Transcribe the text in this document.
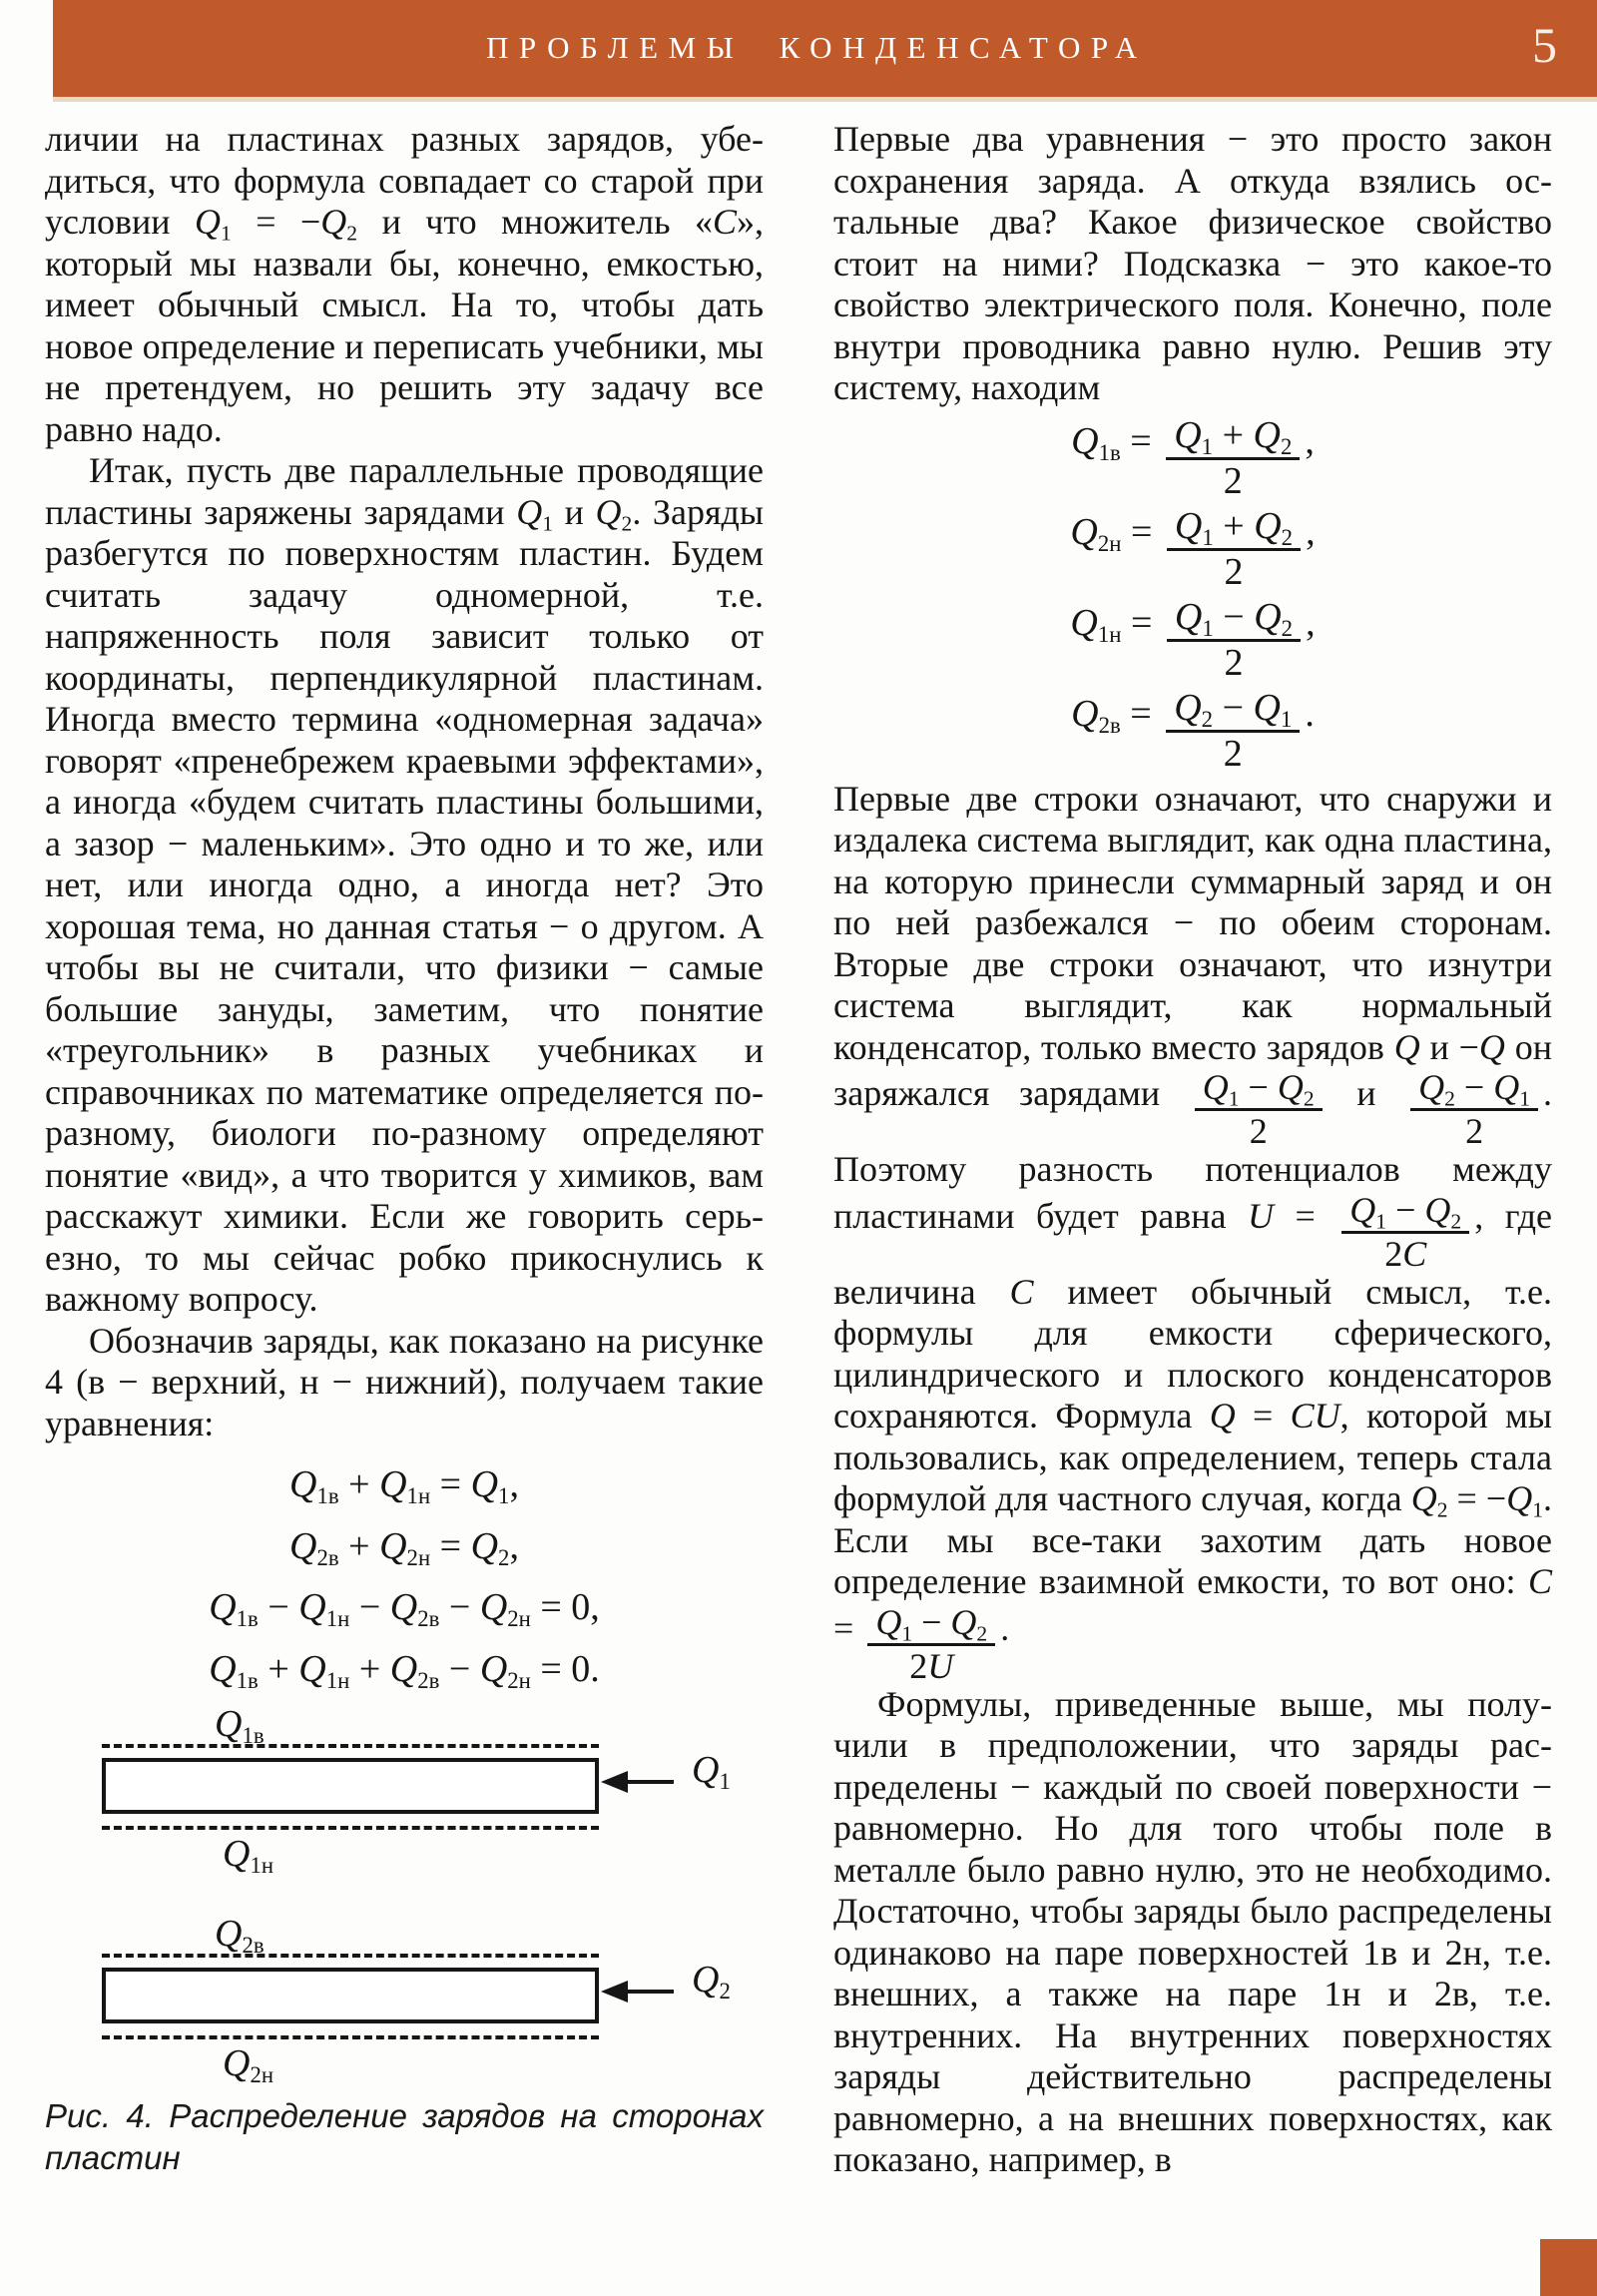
ПРОБЛЕМЫ КОНДЕНСАТОРА	5

личии на пластинах разных зарядов, убедиться, что формула совпадает со старой при условии $Q_1 = -Q_2$ и что множитель «C», который мы назвали бы, конечно, емкостью, имеет обычный смысл. На то, чтобы дать новое определение и переписать учебники, мы не претендуем, но решить эту задачу все равно надо.

Итак, пусть две параллельные проводящие пластины заряжены зарядами $Q_1$ и $Q_2$. Заряды разбегутся по поверхностям пластин. Будем считать задачу одномерной, т.е. напряженность поля зависит только от координаты, перпендикулярной пластинам. Иногда вместо термина «одномерная задача» говорят «пренебрежем краевыми эффектами», а иногда «будем считать пластины большими, а зазор − маленьким». Это одно и то же, или нет, или иногда одно, а иногда нет? Это хорошая тема, но данная статья − о другом. А чтобы вы не считали, что физики − самые большие зануды, заметим, что понятие «треугольник» в разных учебниках и справочниках по математике определяется по-разному, биологи по-разному определяют понятие «вид», а что творится у химиков, вам расскажут химики. Если же говорить серьезно, то мы сейчас робко прикоснулись к важному вопросу.

Обозначив заряды, как показано на рисунке 4 (в − верхний, н − нижний), получаем такие уравнения:

$Q_{1в} + Q_{1н} = Q_1$,
$Q_{2в} + Q_{2н} = Q_2$,
$Q_{1в} - Q_{1н} - Q_{2в} - Q_{2н} = 0$,
$Q_{1в} + Q_{1н} + Q_{2в} - Q_{2н} = 0$.
$Q_{1в}$
$Q_1$
$Q_{1н}$
$Q_{2в}$
$Q_2$
$Q_{2н}$
Рис. 4. Распределение зарядов на сторонах пластин

Первые два уравнения − это просто закон сохранения заряда. А откуда взялись остальные два? Какое физическое свойство стоит на ними? Подсказка − это какое-то свойство электрического поля. Конечно, поле внутри проводника равно нулю. Решив эту систему, находим

$Q_{1в} = \frac{Q_1 + Q_2}{2}$ ,
$Q_{2н} = \frac{Q_1 + Q_2}{2}$ ,
$Q_{1н} = \frac{Q_1 - Q_2}{2}$ ,
$Q_{2в} = \frac{Q_2 - Q_1}{2}$ .

Первые две строки означают, что снаружи и издалека система выглядит, как одна пластина, на которую принесли суммарный заряд и он по ней разбежался − по обеим сторонам. Вторые две строки означают, что изнутри система выглядит, как нормальный конденсатор, только вместо зарядов Q и −Q он заряжался зарядами $\frac{Q_1 - Q_2}{2}$ и $\frac{Q_2 - Q_1}{2}$ . Поэтому разность потенциалов между пластинами будет равна $U = \frac{Q_1 - Q_2}{2C}$ , где величина C имеет обычный смысл, т.е. формулы для емкости сферического, цилиндрического и плоского конденсаторов сохраняются. Формула Q = CU, которой мы пользовались, как определением, теперь стала формулой для частного случая, когда $Q_2 = -Q_1$. Если мы все-таки захотим дать новое определение взаимной емкости, то вот оно: $C = \frac{Q_1 - Q_2}{2U}$ .

Формулы, приведенные выше, мы получили в предположении, что заряды распределены − каждый по своей поверхности − равномерно. Но для того чтобы поле в металле было равно нулю, это не необходимо. Достаточно, чтобы заряды было распределены одинаково на паре поверхностей 1в и 2н, т.е. внешних, а также на паре 1н и 2в, т.е. внутренних. На внутренних поверхностях заряды действительно распределены равномерно, а на внешних поверхностях, как показано, например, в
